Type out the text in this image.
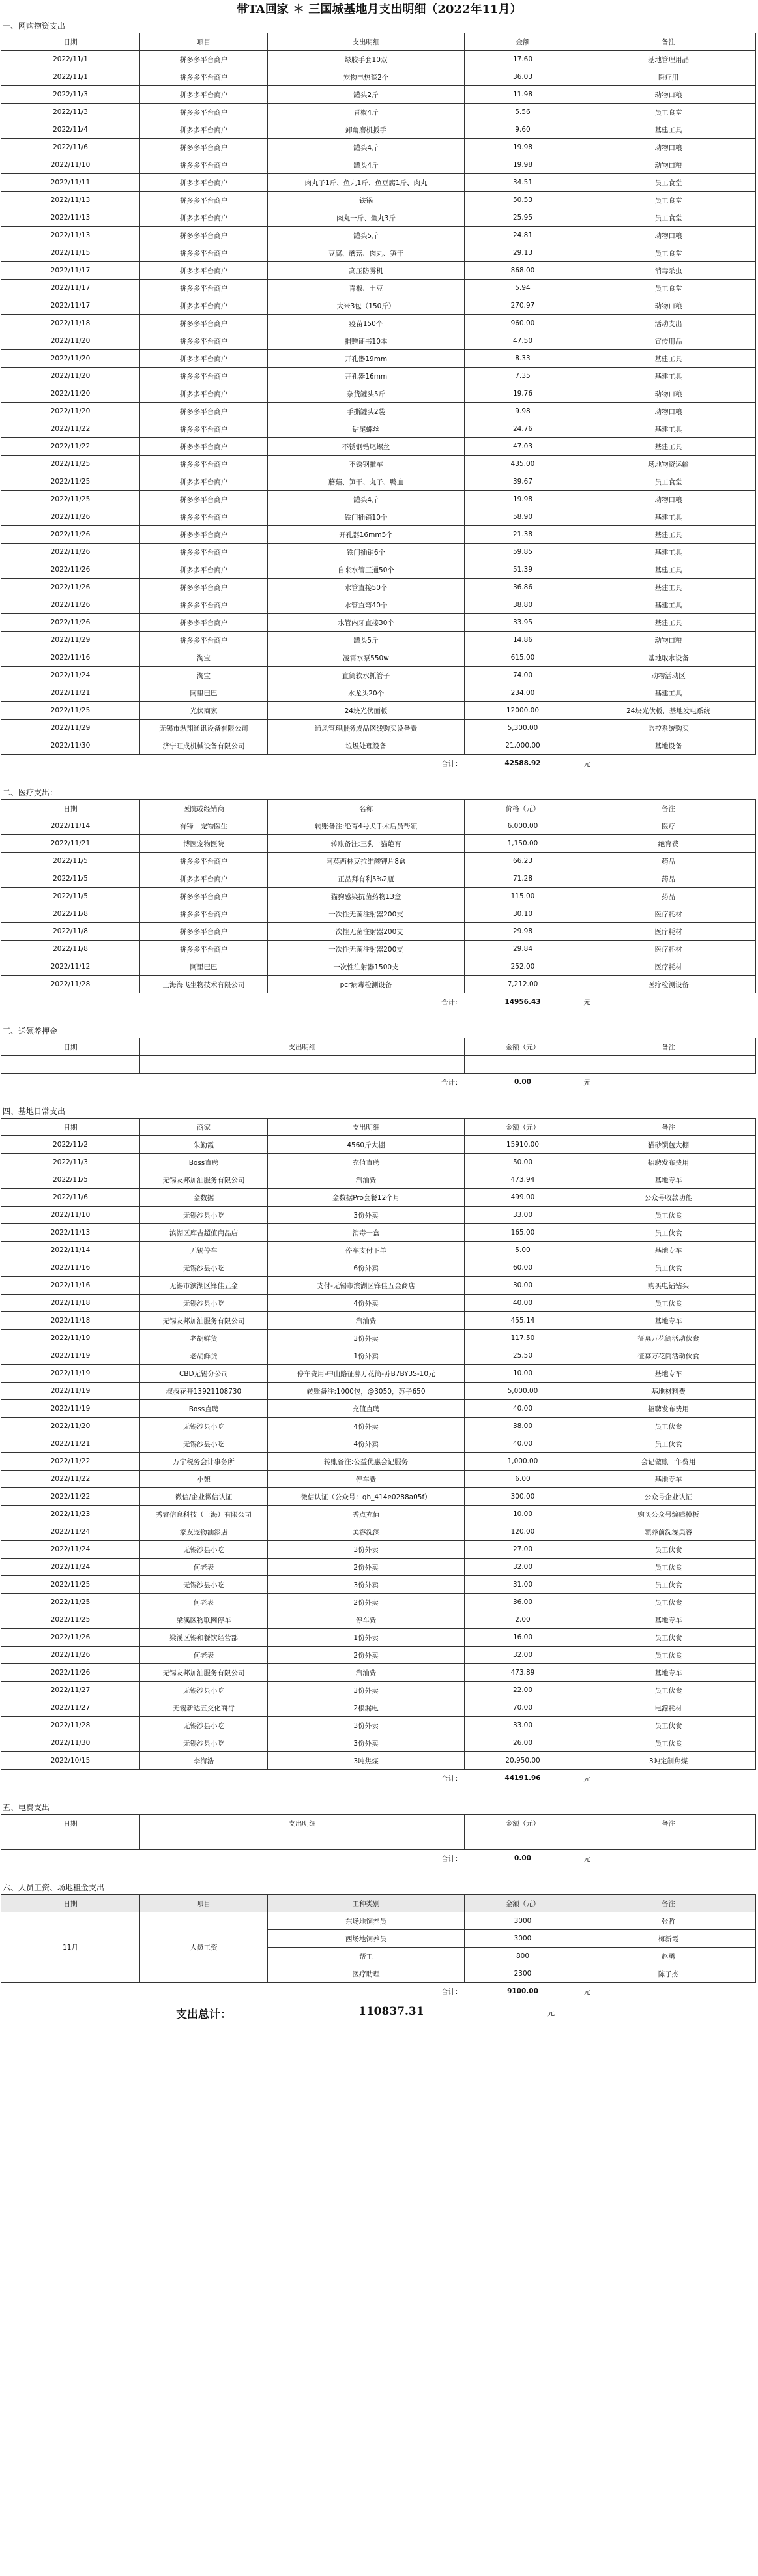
带TA回家 ＊ 三国城基地月支出明细（2022年11月）
一、网购物资支出
日期	项目	支出明细	金额	备注
2022/11/1	拼多多平台商户	绿胶手套10双	17.60	基地管理用品
2022/11/1	拼多多平台商户	宠物电热毯2个	36.03	医疗用
2022/11/3	拼多多平台商户	罐头2斤	11.98	动物口粮
2022/11/3	拼多多平台商户	青椒4斤	5.56	员工食堂
2022/11/4	拼多多平台商户	卸角磨机扳手	9.60	基建工具
2022/11/6	拼多多平台商户	罐头4斤	19.98	动物口粮
2022/11/10	拼多多平台商户	罐头4斤	19.98	动物口粮
2022/11/11	拼多多平台商户	肉丸子1斤、鱼丸1斤、鱼豆腐1斤、肉丸	34.51	员工食堂
2022/11/13	拼多多平台商户	铁锅	50.53	员工食堂
2022/11/13	拼多多平台商户	肉丸一斤、鱼丸3斤	25.95	员工食堂
2022/11/13	拼多多平台商户	罐头5斤	24.81	动物口粮
2022/11/15	拼多多平台商户	豆腐、蘑菇、肉丸、笋干	29.13	员工食堂
2022/11/17	拼多多平台商户	高压防雾机	868.00	消毒杀虫
2022/11/17	拼多多平台商户	青椒、土豆	5.94	员工食堂
2022/11/17	拼多多平台商户	大米3包（150斤）	270.97	动物口粮
2022/11/18	拼多多平台商户	疫苗150个	960.00	活动支出
2022/11/20	拼多多平台商户	捐赠证书10本	47.50	宣传用品
2022/11/20	拼多多平台商户	开孔器19mm	8.33	基建工具
2022/11/20	拼多多平台商户	开孔器16mm	7.35	基建工具
2022/11/20	拼多多平台商户	杂货罐头5斤	19.76	动物口粮
2022/11/20	拼多多平台商户	手撕罐头2袋	9.98	动物口粮
2022/11/22	拼多多平台商户	钻尾螺丝	24.76	基建工具
2022/11/22	拼多多平台商户	不锈钢钻尾螺丝	47.03	基建工具
2022/11/25	拼多多平台商户	不锈钢推车	435.00	场地物资运输
2022/11/25	拼多多平台商户	蘑菇、笋干、丸子、鸭血	39.67	员工食堂
2022/11/25	拼多多平台商户	罐头4斤	19.98	动物口粮
2022/11/26	拼多多平台商户	铁门插销10个	58.90	基建工具
2022/11/26	拼多多平台商户	开孔器16mm5个	21.38	基建工具
2022/11/26	拼多多平台商户	铁门插销6个	59.85	基建工具
2022/11/26	拼多多平台商户	自来水管三通50个	51.39	基建工具
2022/11/26	拼多多平台商户	水管直接50个	36.86	基建工具
2022/11/26	拼多多平台商户	水管直弯40个	38.80	基建工具
2022/11/26	拼多多平台商户	水管内牙直接30个	33.95	基建工具
2022/11/29	拼多多平台商户	罐头5斤	14.86	动物口粮
2022/11/16	淘宝	凌霄水泵550w	615.00	基地取水设备
2022/11/24	淘宝	直筒软水抓管子	74.00	动物活动区
2022/11/21	阿里巴巴	水龙头20个	234.00	基建工具
2022/11/25	光伏商家	24块光伏面板	12000.00	24块光伏板，基地发电系统
2022/11/29	无锡市纵翔通讯设备有限公司	通风管理服务成品网线购买设备费	5,300.00	监控系统购买
2022/11/30	济宁旺成机械设备有限公司	垃圾处理设备	21,000.00	基地设备
		合计：	42588.92	元
二、医疗支出：
日期	医院或经销商	名称	价格（元）	备注
2022/11/14	有锋　宠物医生	转账备注:绝育4号犬手术后员帮领	6,000.00	医疗
2022/11/21	博医宠物医院	转账备注:三狗一猫绝育	1,150.00	绝育费
2022/11/5	拼多多平台商户	阿莫西林克拉维酸钾片8盒	66.23	药品
2022/11/5	拼多多平台商户	正品拜有利5%2瓶	71.28	药品
2022/11/5	拼多多平台商户	猫狗感染抗菌药物13盒	115.00	药品
2022/11/8	拼多多平台商户	一次性无菌注射器200支	30.10	医疗耗材
2022/11/8	拼多多平台商户	一次性无菌注射器200支	29.98	医疗耗材
2022/11/8	拼多多平台商户	一次性无菌注射器200支	29.84	医疗耗材
2022/11/12	阿里巴巴	一次性注射器1500支	252.00	医疗耗材
2022/11/28	上海海飞生物技术有限公司	pcr病毒检测设备	7,212.00	医疗检测设备
		合计：	14956.43	元
三、送领养押金
日期	支出明细	金额（元）	备注

	合计：	0.00	元
四、基地日常支出
日期	商家	支出明细	金额（元）	备注
2022/11/2	朱勤霞	4560斤大棚	15910.00	猫砂锁包大棚
2022/11/3	Boss直聘	充值直聘	50.00	招聘发布费用
2022/11/5	无锡友邦加油服务有限公司	汽油费	473.94	基地专车
2022/11/6	金数据	金数据Pro套餐12个月	499.00	公众号收款功能
2022/11/10	无锡沙县小吃	3份外卖	33.00	员工伙食
2022/11/13	滨湖区库吉超值商品店	消毒一盒	165.00	员工伙食
2022/11/14	无锡停车	停车支付下单	5.00	基地专车
2022/11/16	无锡沙县小吃	6份外卖	60.00	员工伙食
2022/11/16	无锡市滨湖区锋佳五金	支付-无锡市滨湖区锋佳五金商店	30.00	购买电钻钻头
2022/11/18	无锡沙县小吃	4份外卖	40.00	员工伙食
2022/11/18	无锡友邦加油服务有限公司	汽油费	455.14	基地专车
2022/11/19	老胡鲜货	3份外卖	117.50	征募万花筒活动伙食
2022/11/19	老胡鲜货	1份外卖	25.50	征募万花筒活动伙食
2022/11/19	CBD无锡分公司	停车费用-中山路征募万花筒-苏B7BY3S-10元	10.00	基地专车
2022/11/19	叔叔花开13921108730	转账备注:1000包，@3050，苏子650	5,000.00	基地材料费
2022/11/19	Boss直聘	充值直聘	40.00	招聘发布费用
2022/11/20	无锡沙县小吃	4份外卖	38.00	员工伙食
2022/11/21	无锡沙县小吃	4份外卖	40.00	员工伙食
2022/11/22	万宁税务会计事务所	转账备注:公益优惠会记服务	1,000.00	会记做账一年费用
2022/11/22	小憩	停车费	6.00	基地专车
2022/11/22	微信/企业微信认证	微信认证（公众号：gh_414e0288a05f）	300.00	公众号企业认证
2022/11/23	秀睿信息科技（上海）有限公司	秀点充值	10.00	购买公众号编辑模板
2022/11/24	家友宠物油漆店	美容洗澡	120.00	领养前洗澡美容
2022/11/24	无锡沙县小吃	3份外卖	27.00	员工伙食
2022/11/24	何老表	2份外卖	32.00	员工伙食
2022/11/25	无锡沙县小吃	3份外卖	31.00	员工伙食
2022/11/25	何老表	2份外卖	36.00	员工伙食
2022/11/25	梁溪区物联网停车	停车费	2.00	基地专车
2022/11/26	梁溪区锡和餐饮经营部	1份外卖	16.00	员工伙食
2022/11/26	何老表	2份外卖	32.00	员工伙食
2022/11/26	无锡友邦加油服务有限公司	汽油费	473.89	基地专车
2022/11/27	无锡沙县小吃	3份外卖	22.00	员工伙食
2022/11/27	无锡新达五交化商行	2根漏电	70.00	电源耗材
2022/11/28	无锡沙县小吃	3份外卖	33.00	员工伙食
2022/11/30	无锡沙县小吃	3份外卖	26.00	员工伙食
2022/10/15	李海浩	3吨焦煤	20,950.00	3吨定制焦煤
		合计：	44191.96	元
五、电费支出
日期	支出明细	金额（元）	备注

	合计：	0.00	元
六、人员工资、场地租金支出
日期	项目	工种类别	金额（元）	备注
11月	人员工资	东场地饲养员	3000	张哲
		西场地饲养员	3000	梅新霞
		帮工	800	赵勇
		医疗助理	2300	陈子杰
		合计：	9100.00	元
支出总计：	110837.31	元
